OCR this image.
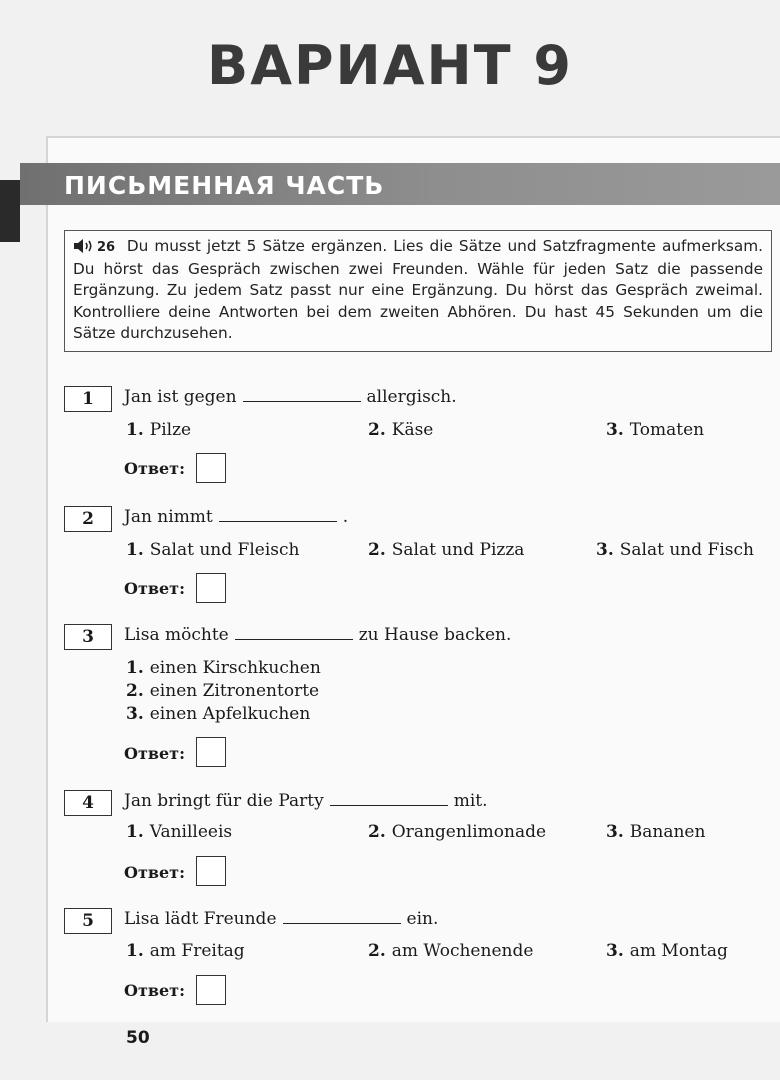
ВАРИАНТ 9
ПИСЬМЕННАЯ ЧАСТЬ
26 Du musst jetzt 5 Sätze ergänzen. Lies die Sätze und Satzfragmente aufmerksam. Du hörst das Gespräch zwischen zwei Freunden. Wähle für jeden Satz die passende Ergänzung. Zu jedem Satz passt nur eine Ergänzung. Du hörst das Gespräch zweimal. Kontrolliere deine Antworten bei dem zweiten Abhören. Du hast 45 Sekunden um die Sätze durchzusehen.
1	Jan ist gegen	allergisch.
1. Pilze	2. Käse	3. Tomaten
Ответ:
2	Jan nimmt	.
1. Salat und Fleisch	2. Salat und Pizza	3. Salat und Fisch
Ответ:
3	Lisa möchte	zu Hause backen.
1. einen Kirschkuchen
2. einen Zitronentorte
3. einen Apfelkuchen
Ответ:
4	Jan bringt für die Party	mit.
1. Vanilleeis	2. Orangenlimonade	3. Bananen
Ответ:
5	Lisa lädt Freunde	ein.
1. am Freitag	2. am Wochenende	3. am Montag
Ответ:
50
